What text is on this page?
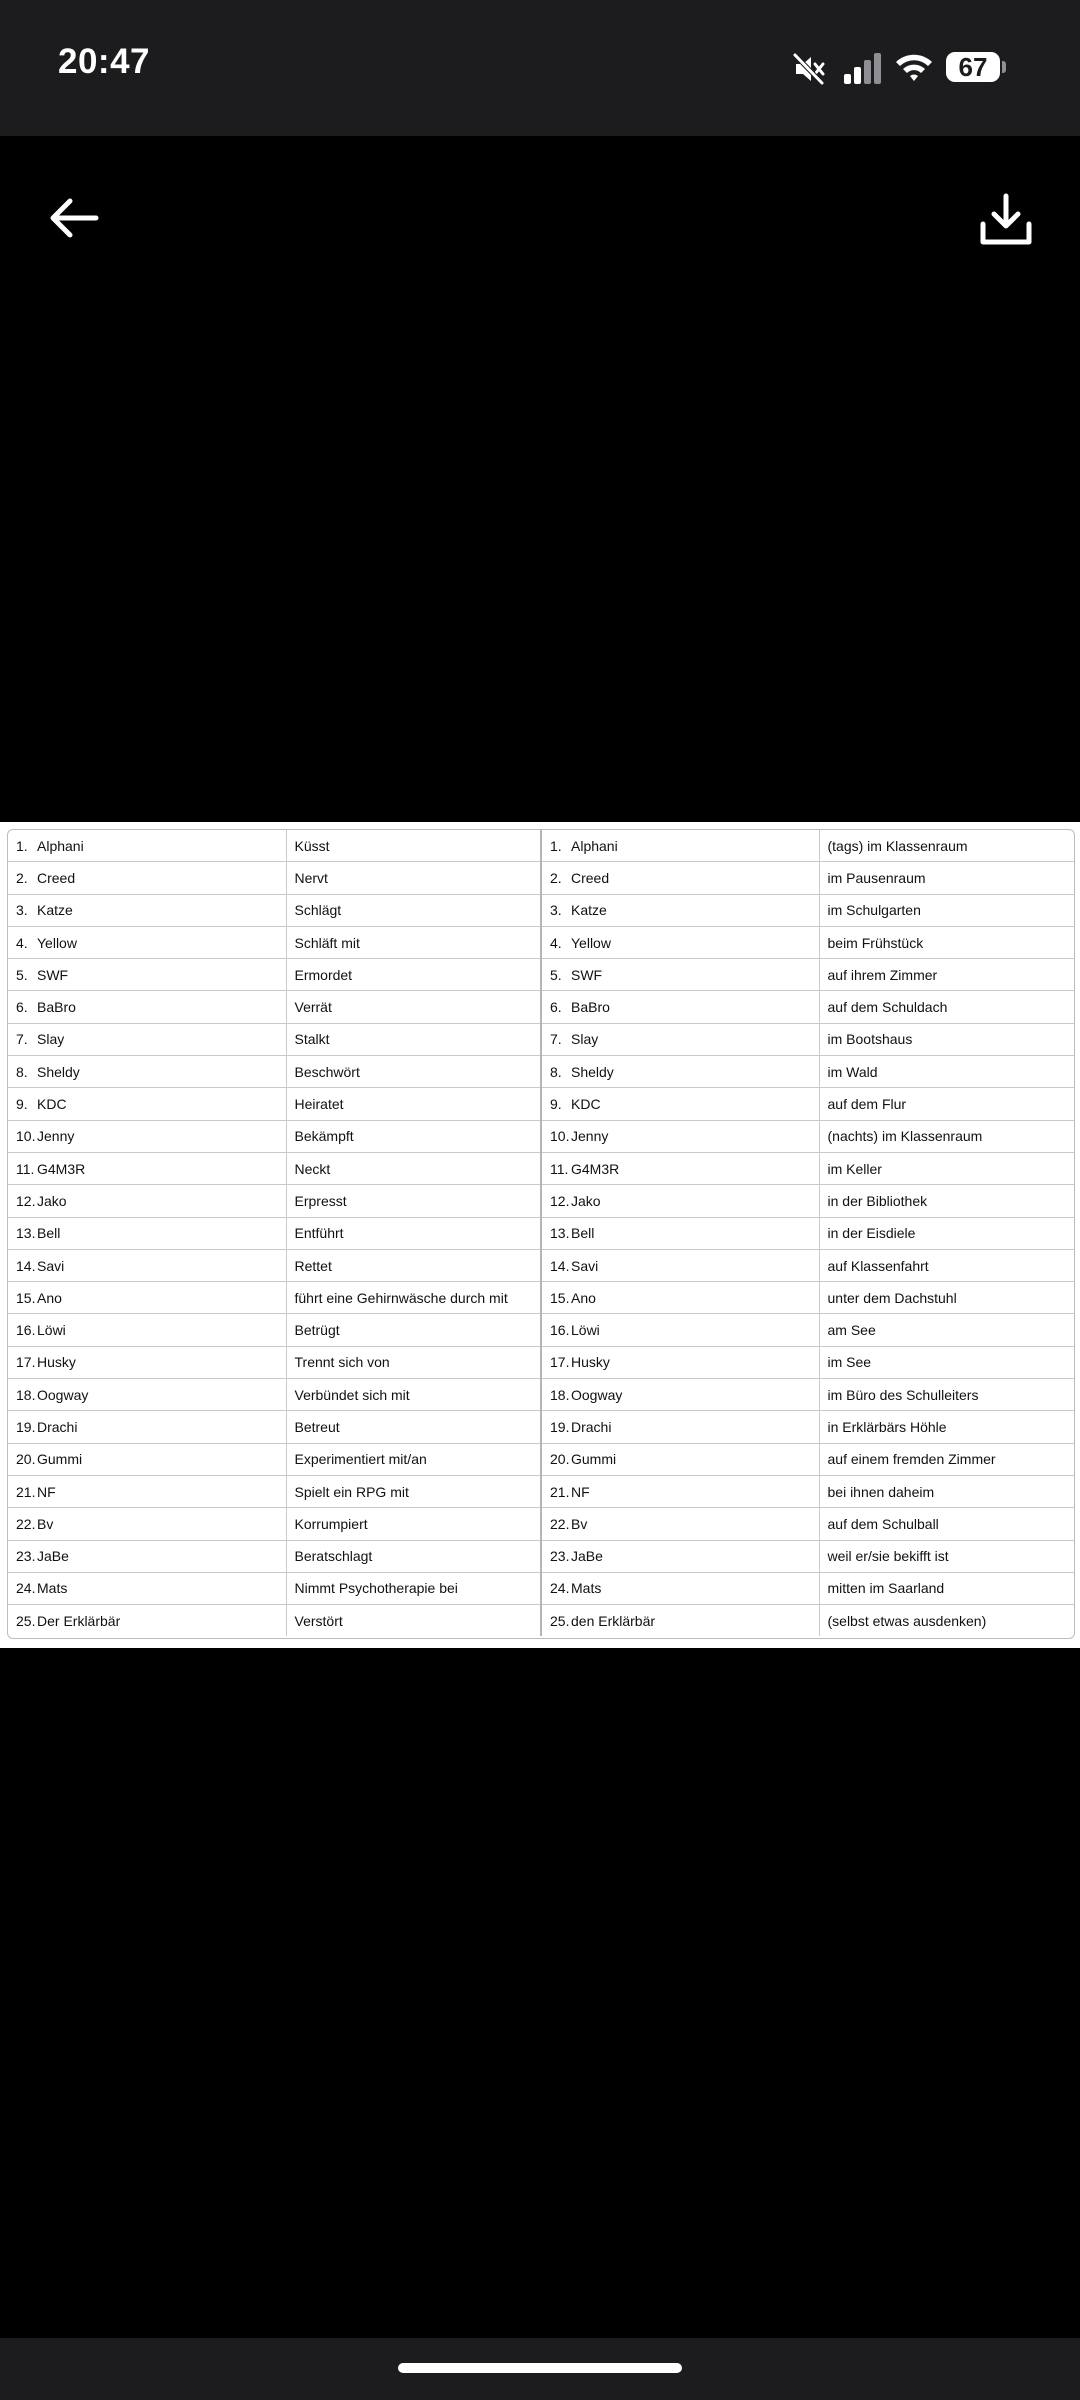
20:47	67
1. Alphani	Küsst	1. Alphani	(tags) im Klassenraum
2. Creed	Nervt	2. Creed	im Pausenraum
3. Katze	Schlägt	3. Katze	im Schulgarten
4. Yellow	Schläft mit	4. Yellow	beim Frühstück
5. SWF	Ermordet	5. SWF	auf ihrem Zimmer
6. BaBro	Verrät	6. BaBro	auf dem Schuldach
7. Slay	Stalkt	7. Slay	im Bootshaus
8. Sheldy	Beschwört	8. Sheldy	im Wald
9. KDC	Heiratet	9. KDC	auf dem Flur
10. Jenny	Bekämpft	10. Jenny	(nachts) im Klassenraum
11. G4M3R	Neckt	11. G4M3R	im Keller
12. Jako	Erpresst	12. Jako	in der Bibliothek
13. Bell	Entführt	13. Bell	in der Eisdiele
14. Savi	Rettet	14. Savi	auf Klassenfahrt
15. Ano	führt eine Gehirnwäsche durch mit	15. Ano	unter dem Dachstuhl
16. Löwi	Betrügt	16. Löwi	am See
17. Husky	Trennt sich von	17. Husky	im See
18. Oogway	Verbündet sich mit	18. Oogway	im Büro des Schulleiters
19. Drachi	Betreut	19. Drachi	in Erklärbärs Höhle
20. Gummi	Experimentiert mit/an	20. Gummi	auf einem fremden Zimmer
21. NF	Spielt ein RPG mit	21. NF	bei ihnen daheim
22. Bv	Korrumpiert	22. Bv	auf dem Schulball
23. JaBe	Beratschlagt	23. JaBe	weil er/sie bekifft ist
24. Mats	Nimmt Psychotherapie bei	24. Mats	mitten im Saarland
25. Der Erklärbär	Verstört	25. den Erklärbär	(selbst etwas ausdenken)
